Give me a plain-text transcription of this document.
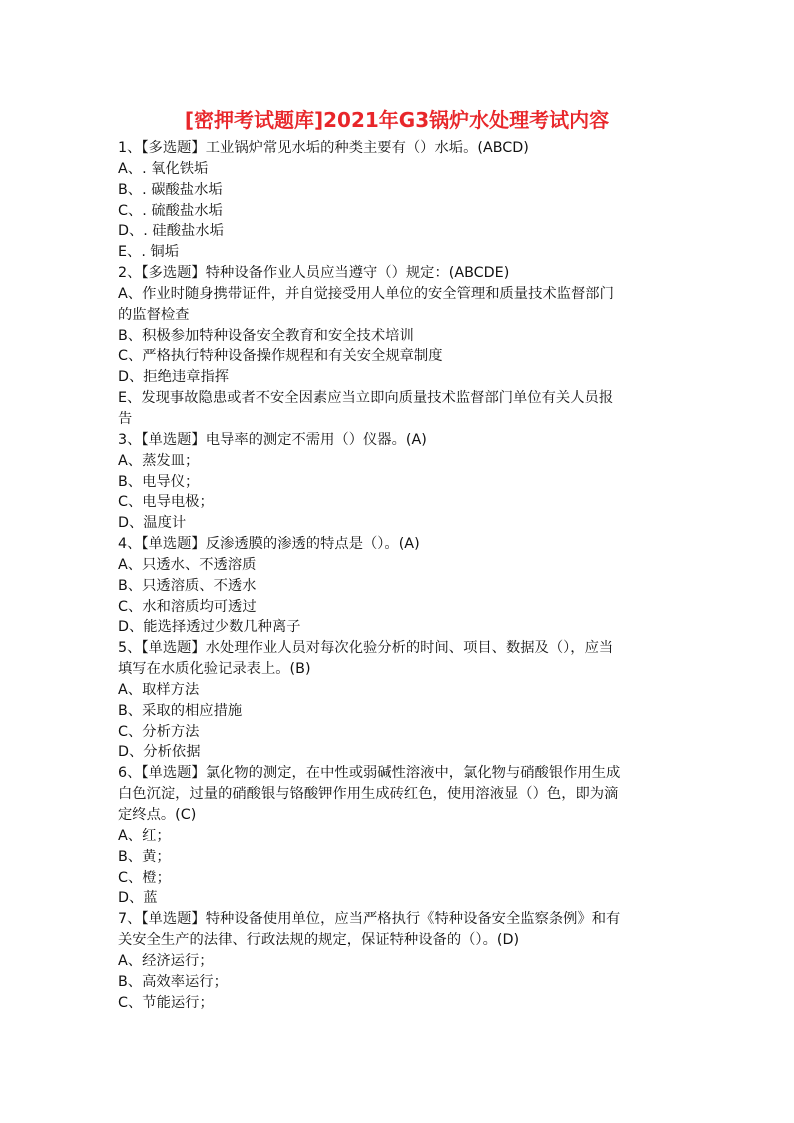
[密押考试题库]2021年G3锅炉水处理考试内容
1、【多选题】工业锅炉常见水垢的种类主要有（）水垢。(ABCD)
A、. 氧化铁垢
B、. 碳酸盐水垢
C、. 硫酸盐水垢
D、. 硅酸盐水垢
E、. 铜垢
2、【多选题】特种设备作业人员应当遵守（）规定：(ABCDE)
A、作业时随身携带证件，并自觉接受用人单位的安全管理和质量技术监督部门
的监督检查
B、积极参加特种设备安全教育和安全技术培训
C、严格执行特种设备操作规程和有关安全规章制度
D、拒绝违章指挥
E、发现事故隐患或者不安全因素应当立即向质量技术监督部门单位有关人员报
告
3、【单选题】电导率的测定不需用（）仪器。(A)
A、蒸发皿；
B、电导仪；
C、电导电极；
D、温度计
4、【单选题】反渗透膜的渗透的特点是（）。(A)
A、只透水、不透溶质
B、只透溶质、不透水
C、水和溶质均可透过
D、能选择透过少数几种离子
5、【单选题】水处理作业人员对每次化验分析的时间、项目、数据及（），应当
填写在水质化验记录表上。(B)
A、取样方法
B、采取的相应措施
C、分析方法
D、分析依据
6、【单选题】氯化物的测定，在中性或弱碱性溶液中，氯化物与硝酸银作用生成
白色沉淀，过量的硝酸银与铬酸钾作用生成砖红色，使用溶液显（）色，即为滴
定终点。(C)
A、红；
B、黄；
C、橙；
D、蓝
7、【单选题】特种设备使用单位，应当严格执行《特种设备安全监察条例》和有
关安全生产的法律、行政法规的规定，保证特种设备的（）。(D)
A、经济运行；
B、高效率运行；
C、节能运行；
